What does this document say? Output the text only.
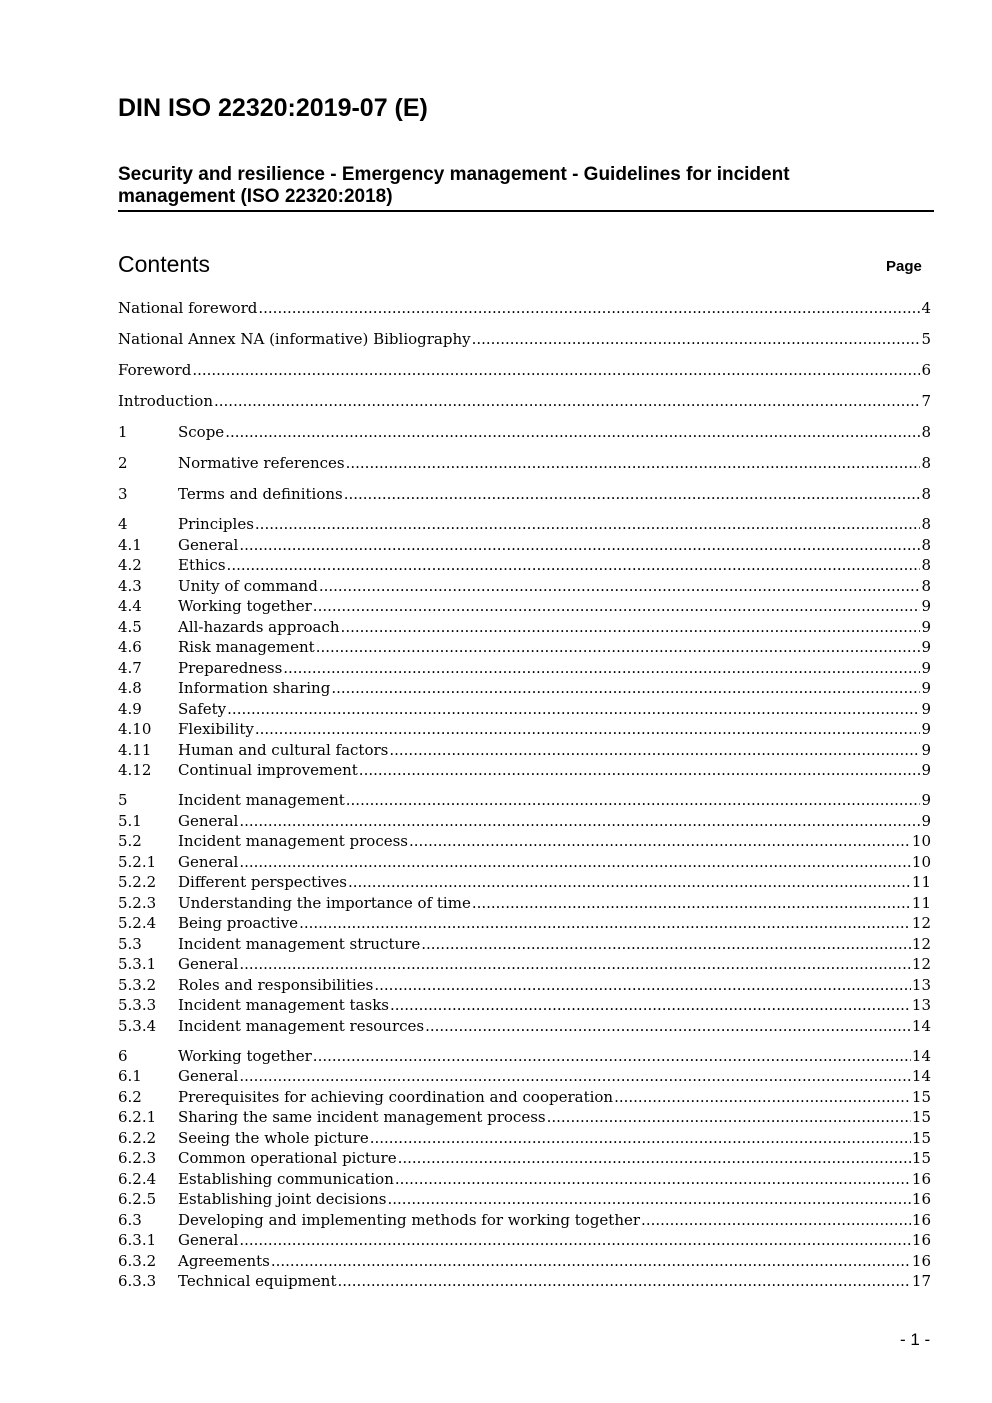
DIN ISO 22320:2019-07 (E)
Security and resilience - Emergency management - Guidelines for incident
management (ISO 22320:2018)
Contents	Page
National foreword .....	4
National Annex NA (informative) Bibliography .....	5
Foreword .....	6
Introduction .....	7
1	Scope .....	8
2	Normative references .....	8
3	Terms and definitions .....	8
4	Principles .....	8
4.1	General .....	8
4.2	Ethics .....	8
4.3	Unity of command .....	8
4.4	Working together .....	9
4.5	All-hazards approach .....	9
4.6	Risk management .....	9
4.7	Preparedness .....	9
4.8	Information sharing .....	9
4.9	Safety .....	9
4.10	Flexibility .....	9
4.11	Human and cultural factors .....	9
4.12	Continual improvement .....	9
5	Incident management .....	9
5.1	General .....	9
5.2	Incident management process .....	10
5.2.1	General .....	10
5.2.2	Different perspectives .....	11
5.2.3	Understanding the importance of time .....	11
5.2.4	Being proactive .....	12
5.3	Incident management structure .....	12
5.3.1	General .....	12
5.3.2	Roles and responsibilities .....	13
5.3.3	Incident management tasks .....	13
5.3.4	Incident management resources .....	14
6	Working together .....	14
6.1	General .....	14
6.2	Prerequisites for achieving coordination and cooperation .....	15
6.2.1	Sharing the same incident management process .....	15
6.2.2	Seeing the whole picture .....	15
6.2.3	Common operational picture .....	15
6.2.4	Establishing communication .....	16
6.2.5	Establishing joint decisions .....	16
6.3	Developing and implementing methods for working together .....	16
6.3.1	General .....	16
6.3.2	Agreements .....	16
6.3.3	Technical equipment .....	17
- 1 -
